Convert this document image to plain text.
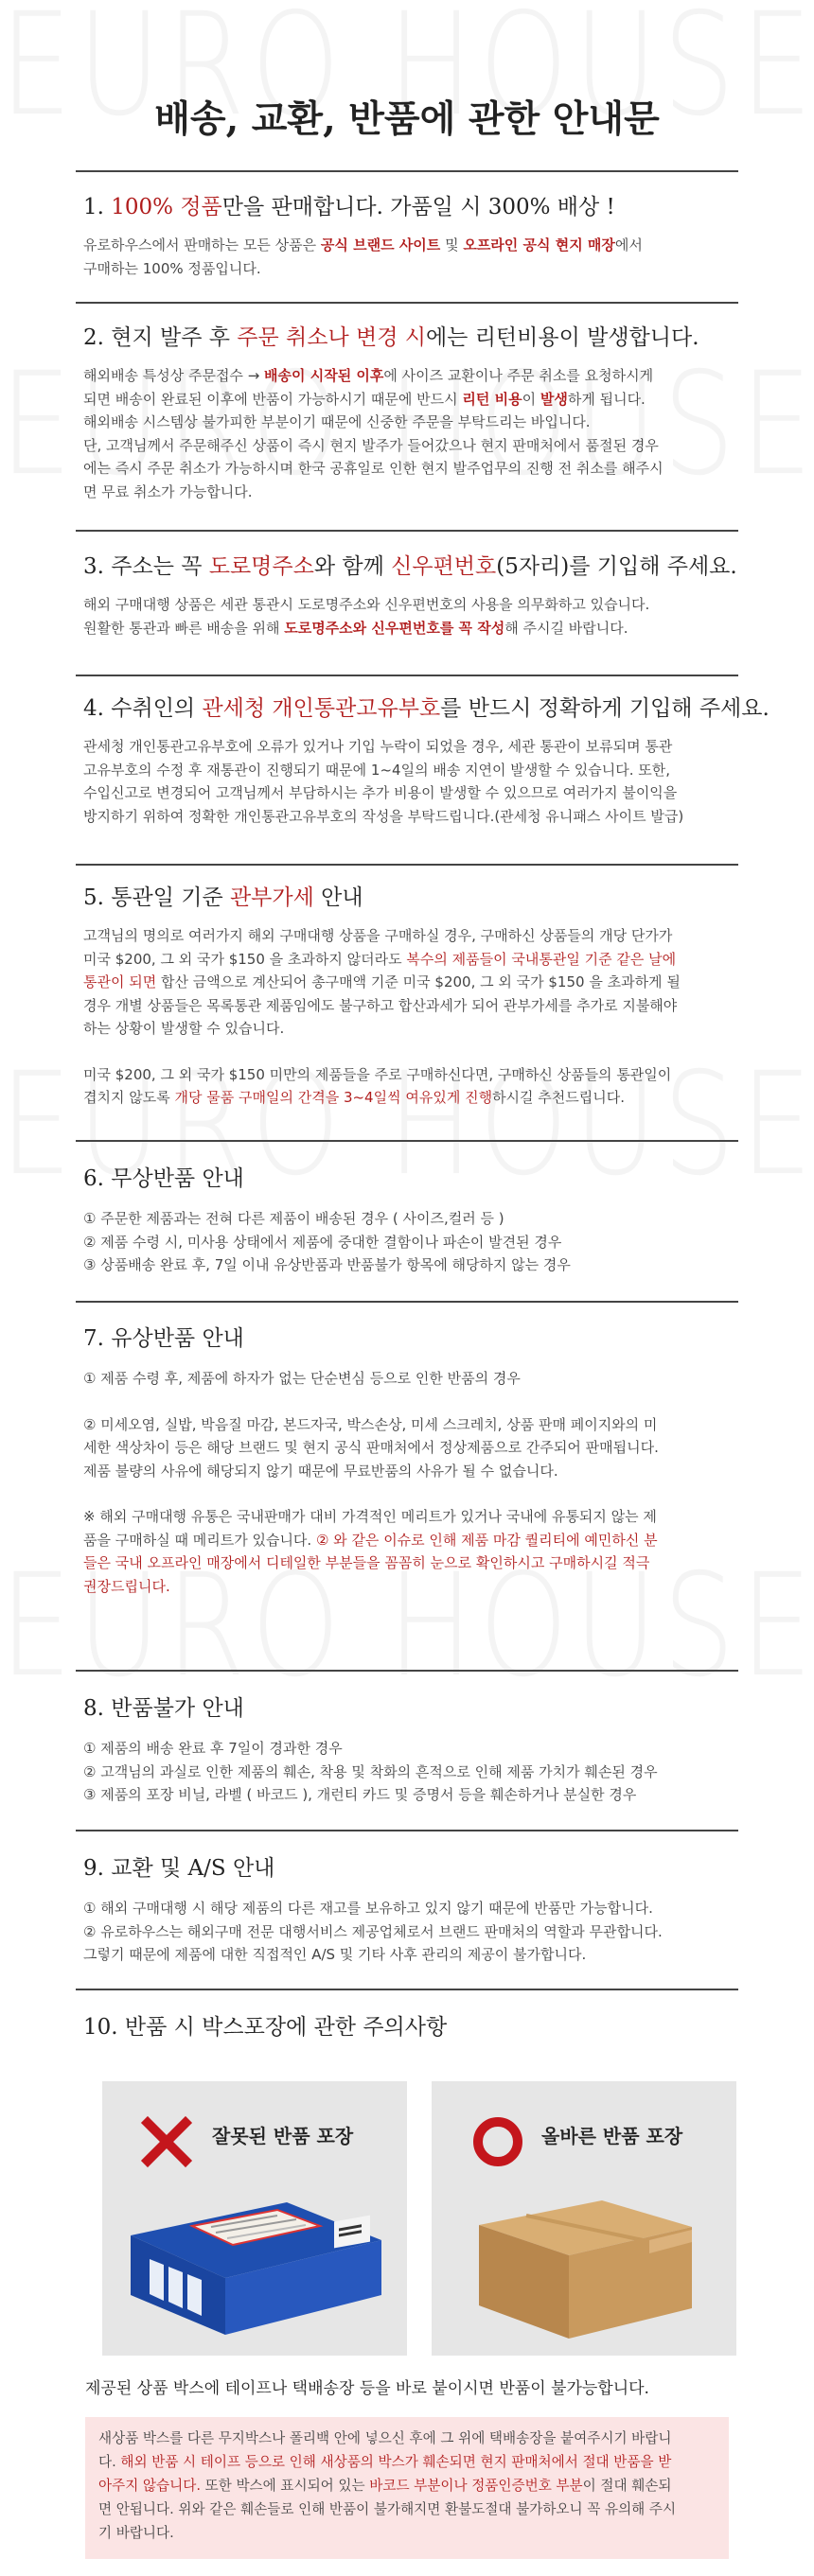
배송, 교환, 반품에 관한 안내문
1. 100% 정품만을 판매합니다. 가품일 시 300% 배상 !

유로하우스에서 판매하는 모든 상품은 공식 브랜드 사이트 및 오프라인 공식 현지 매장에서
구매하는 100% 정품입니다.

2. 현지 발주 후 주문 취소나 변경 시에는 리턴비용이 발생합니다.

해외배송 특성상 주문접수 → 배송이 시작된 이후에 사이즈 교환이나 주문 취소를 요청하시게
되면 배송이 완료된 이후에 반품이 가능하시기 때문에 반드시 리턴 비용이 발생하게 됩니다.
해외배송 시스템상 불가피한 부분이기 때문에 신중한 주문을 부탁드리는 바입니다.
단, 고객님께서 주문해주신 상품이 즉시 현지 발주가 들어갔으나 현지 판매처에서 품절된 경우
에는 즉시 주문 취소가 가능하시며 한국 공휴일로 인한 현지 발주업무의 진행 전 취소를 해주시
면 무료 취소가 가능합니다.

3. 주소는 꼭 도로명주소와 함께 신우편번호(5자리)를 기입해 주세요.

해외 구매대행 상품은 세관 통관시 도로명주소와 신우편번호의 사용을 의무화하고 있습니다.
원활한 통관과 빠른 배송을 위해 도로명주소와 신우편번호를 꼭 작성해 주시길 바랍니다.

4. 수취인의 관세청 개인통관고유부호를 반드시 정확하게 기입해 주세요.

관세청 개인통관고유부호에 오류가 있거나 기입 누락이 되었을 경우, 세관 통관이 보류되며 통관
고유부호의 수정 후 재통관이 진행되기 때문에 1~4일의 배송 지연이 발생할 수 있습니다. 또한,
수입신고로 변경되어 고객님께서 부담하시는 추가 비용이 발생할 수 있으므로 여러가지 불이익을
방지하기 위하여 정확한 개인통관고유부호의 작성을 부탁드립니다.(관세청 유니패스 사이트 발급)

5. 통관일 기준 관부가세 안내

고객님의 명의로 여러가지 해외 구매대행 상품을 구매하실 경우, 구매하신 상품들의 개당 단가가
미국 $200, 그 외 국가 $150 을 초과하지 않더라도 복수의 제품들이 국내통관일 기준 같은 날에
통관이 되면 합산 금액으로 계산되어 총구매액 기준 미국 $200, 그 외 국가 $150 을 초과하게 될
경우 개별 상품들은 목록통관 제품임에도 불구하고 합산과세가 되어 관부가세를 추가로 지불해야
하는 상황이 발생할 수 있습니다.

미국 $200, 그 외 국가 $150 미만의 제품들을 주로 구매하신다면, 구매하신 상품들의 통관일이
겹치지 않도록 개당 물품 구매일의 간격을 3~4일씩 여유있게 진행하시길 추천드립니다.

6. 무상반품 안내

① 주문한 제품과는 전혀 다른 제품이 배송된 경우 ( 사이즈,컬러 등 )
② 제품 수령 시, 미사용 상태에서 제품에 중대한 결함이나 파손이 발견된 경우
③ 상품배송 완료 후, 7일 이내 유상반품과 반품불가 항목에 해당하지 않는 경우

7. 유상반품 안내

① 제품 수령 후, 제품에 하자가 없는 단순변심 등으로 인한 반품의 경우

② 미세오염, 실밥, 박음질 마감, 본드자국, 박스손상, 미세 스크레치, 상품 판매 페이지와의 미
세한 색상차이 등은 해당 브랜드 및 현지 공식 판매처에서 정상제품으로 간주되어 판매됩니다.
제품 불량의 사유에 해당되지 않기 때문에 무료반품의 사유가 될 수 없습니다.

※ 해외 구매대행 유통은 국내판매가 대비 가격적인 메리트가 있거나 국내에 유통되지 않는 제
품을 구매하실 때 메리트가 있습니다. ② 와 같은 이슈로 인해 제품 마감 퀄리티에 예민하신 분
들은 국내 오프라인 매장에서 디테일한 부분들을 꼼꼼히 눈으로 확인하시고 구매하시길 적극
권장드립니다.

8. 반품불가 안내

① 제품의 배송 완료 후 7일이 경과한 경우
② 고객님의 과실로 인한 제품의 훼손, 착용 및 착화의 흔적으로 인해 제품 가치가 훼손된 경우
③ 제품의 포장 비닐, 라벨 ( 바코드 ), 개런티 카드 및 증명서 등을 훼손하거나 분실한 경우

9. 교환 및 A/S 안내

① 해외 구매대행 시 해당 제품의 다른 재고를 보유하고 있지 않기 때문에 반품만 가능합니다.
② 유로하우스는 해외구매 전문 대행서비스 제공업체로서 브랜드 판매처의 역할과 무관합니다.
그렇기 때문에 제품에 대한 직접적인 A/S 및 기타 사후 관리의 제공이 불가합니다.

10. 반품 시 박스포장에 관한 주의사항
잘못된 반품 포장	올바른 반품 포장
제공된 상품 박스에 테이프나 택배송장 등을 바로 붙이시면 반품이 불가능합니다.

새상품 박스를 다른 무지박스나 폴리백 안에 넣으신 후에 그 위에 택배송장을 붙여주시기 바랍니
다. 해외 반품 시 테이프 등으로 인해 새상품의 박스가 훼손되면 현지 판매처에서 절대 반품을 받
아주지 않습니다. 또한 박스에 표시되어 있는 바코드 부분이나 정품인증번호 부분이 절대 훼손되
면 안됩니다. 위와 같은 훼손들로 인해 반품이 불가해지면 환불도절대 불가하오니 꼭 유의해 주시
기 바랍니다.
